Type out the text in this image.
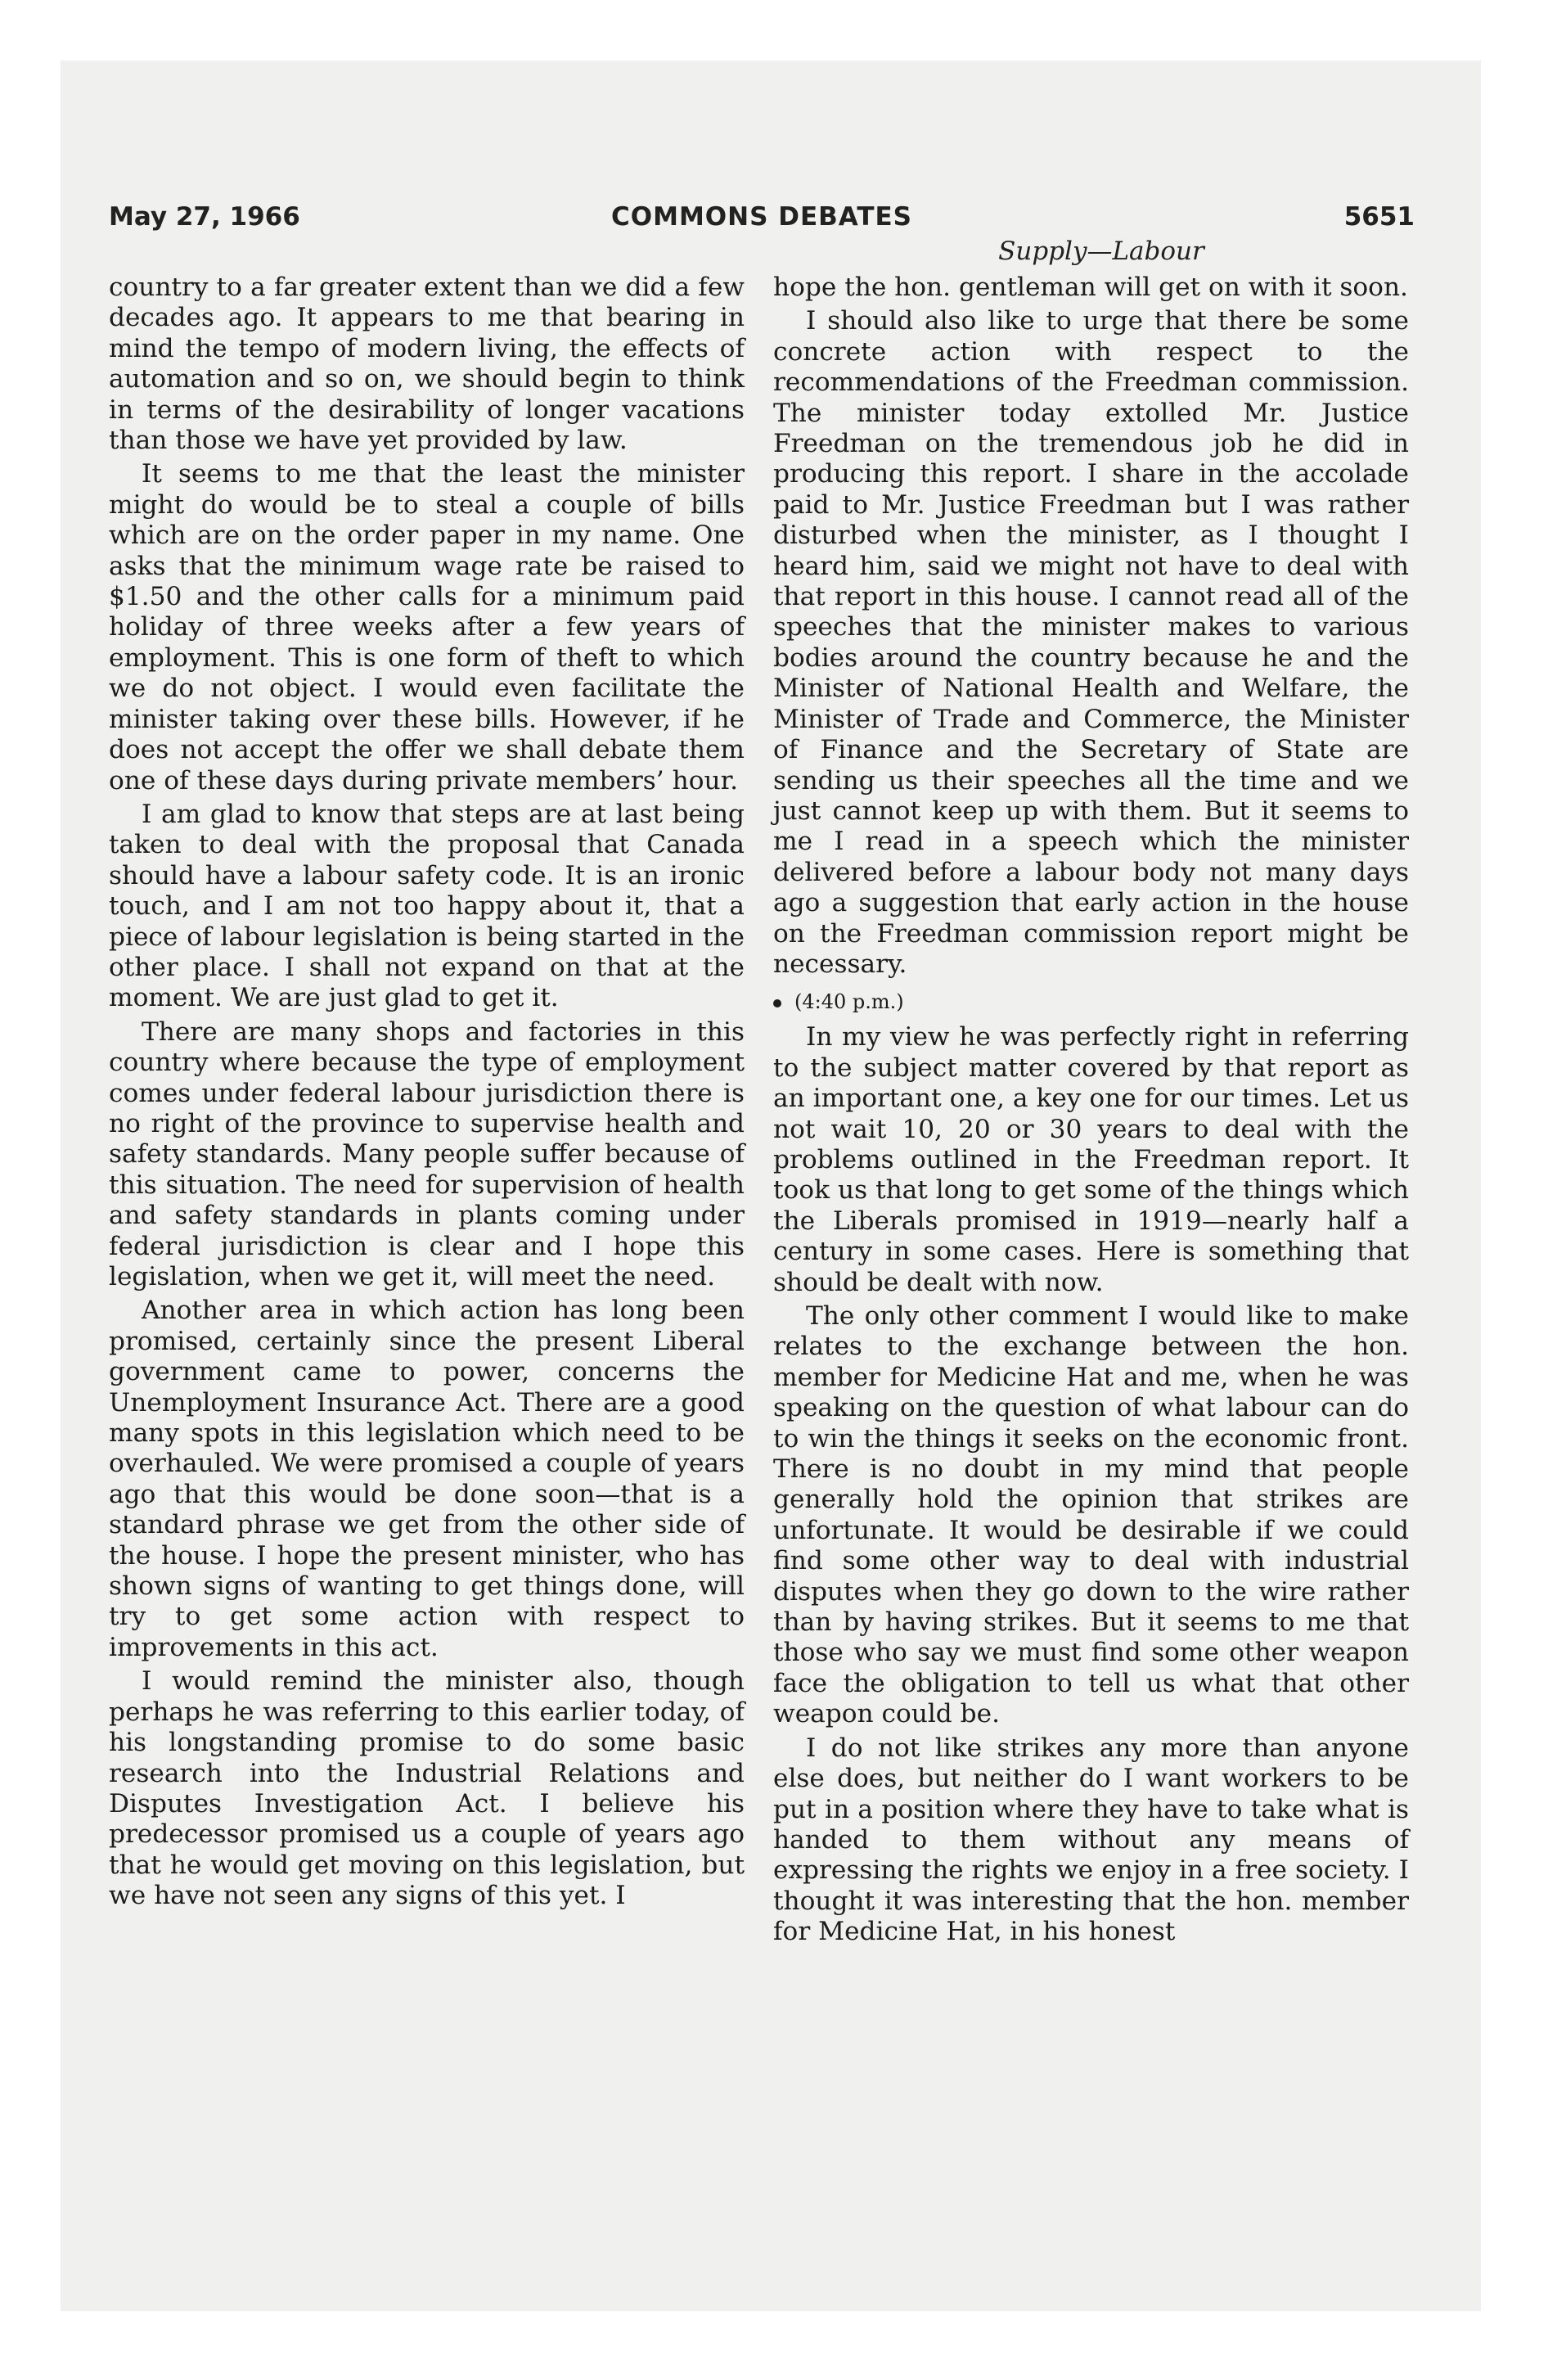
May 27, 1966	COMMONS DEBATES	5651
Supply—Labour

country to a far greater extent than we did a few decades ago. It appears to me that bearing in mind the tempo of modern living, the effects of automation and so on, we should begin to think in terms of the desirability of longer vacations than those we have yet provided by law.

It seems to me that the least the minister might do would be to steal a couple of bills which are on the order paper in my name. One asks that the minimum wage rate be raised to $1.50 and the other calls for a minimum paid holiday of three weeks after a few years of employment. This is one form of theft to which we do not object. I would even facilitate the minister taking over these bills. However, if he does not accept the offer we shall debate them one of these days during private members’ hour.

I am glad to know that steps are at last being taken to deal with the proposal that Canada should have a labour safety code. It is an ironic touch, and I am not too happy about it, that a piece of labour legislation is being started in the other place. I shall not expand on that at the moment. We are just glad to get it.

There are many shops and factories in this country where because the type of employment comes under federal labour jurisdiction there is no right of the province to supervise health and safety standards. Many people suffer because of this situation. The need for supervision of health and safety standards in plants coming under federal jurisdiction is clear and I hope this legislation, when we get it, will meet the need.

Another area in which action has long been promised, certainly since the present Liberal government came to power, concerns the Unemployment Insurance Act. There are a good many spots in this legislation which need to be overhauled. We were promised a couple of years ago that this would be done soon—that is a standard phrase we get from the other side of the house. I hope the present minister, who has shown signs of wanting to get things done, will try to get some action with respect to improvements in this act.

I would remind the minister also, though perhaps he was referring to this earlier today, of his longstanding promise to do some basic research into the Industrial Relations and Disputes Investigation Act. I believe his predecessor promised us a couple of years ago that he would get moving on this legislation, but we have not seen any signs of this yet. I

hope the hon. gentleman will get on with it soon.

I should also like to urge that there be some concrete action with respect to the recommendations of the Freedman commission. The minister today extolled Mr. Justice Freedman on the tremendous job he did in producing this report. I share in the accolade paid to Mr. Justice Freedman but I was rather disturbed when the minister, as I thought I heard him, said we might not have to deal with that report in this house. I cannot read all of the speeches that the minister makes to various bodies around the country because he and the Minister of National Health and Welfare, the Minister of Trade and Commerce, the Minister of Finance and the Secretary of State are sending us their speeches all the time and we just cannot keep up with them. But it seems to me I read in a speech which the minister delivered before a labour body not many days ago a suggestion that early action in the house on the Freedman commission report might be necessary.

(4:40 p.m.)

In my view he was perfectly right in referring to the subject matter covered by that report as an important one, a key one for our times. Let us not wait 10, 20 or 30 years to deal with the problems outlined in the Freedman report. It took us that long to get some of the things which the Liberals promised in 1919—nearly half a century in some cases. Here is something that should be dealt with now.

The only other comment I would like to make relates to the exchange between the hon. member for Medicine Hat and me, when he was speaking on the question of what labour can do to win the things it seeks on the economic front. There is no doubt in my mind that people generally hold the opinion that strikes are unfortunate. It would be desirable if we could find some other way to deal with industrial disputes when they go down to the wire rather than by having strikes. But it seems to me that those who say we must find some other weapon face the obligation to tell us what that other weapon could be.

I do not like strikes any more than anyone else does, but neither do I want workers to be put in a position where they have to take what is handed to them without any means of expressing the rights we enjoy in a free society. I thought it was interesting that the hon. member for Medicine Hat, in his honest
